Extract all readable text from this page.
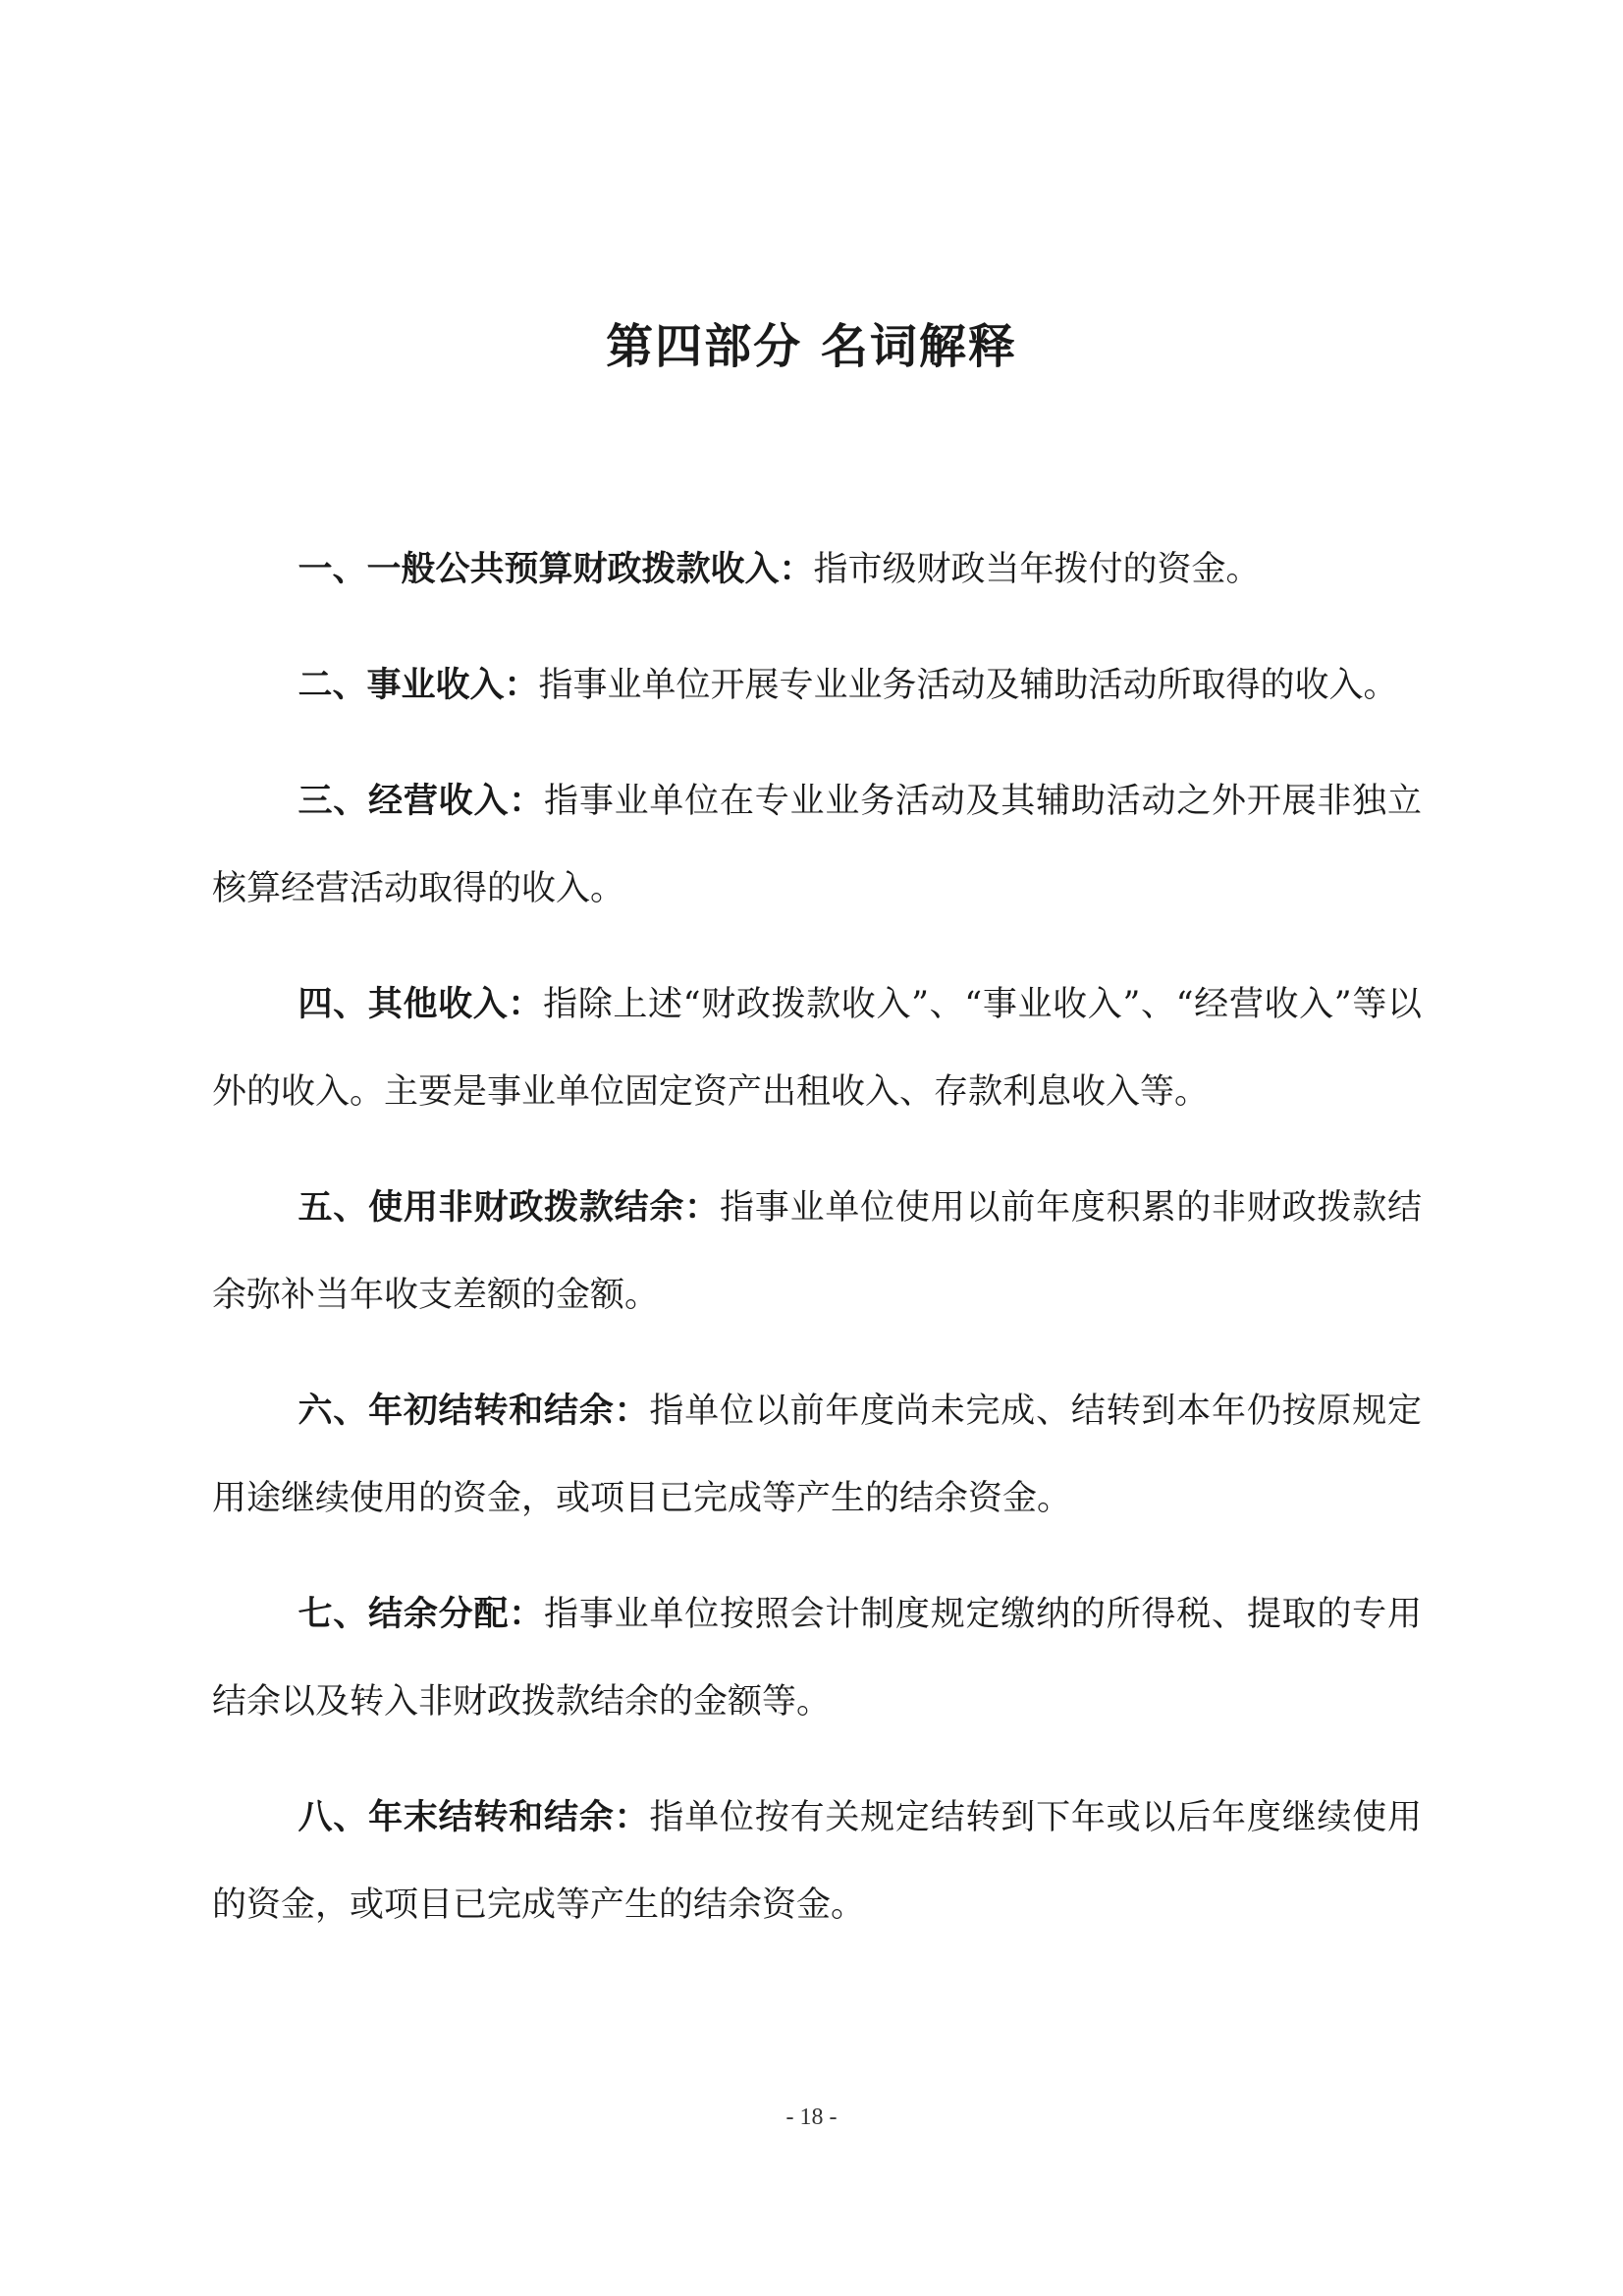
第四部分 名词解释

一、一般公共预算财政拨款收入：指市级财政当年拨付的资金。

二、事业收入：指事业单位开展专业业务活动及辅助活动所取得的收入。

三、经营收入：指事业单位在专业业务活动及其辅助活动之外开展非独立核算经营活动取得的收入。

四、其他收入：指除上述“财政拨款收入”、“事业收入”、“经营收入”等以外的收入。主要是事业单位固定资产出租收入、存款利息收入等。

五、使用非财政拨款结余：指事业单位使用以前年度积累的非财政拨款结余弥补当年收支差额的金额。

六、年初结转和结余：指单位以前年度尚未完成、结转到本年仍按原规定用途继续使用的资金，或项目已完成等产生的结余资金。

七、结余分配：指事业单位按照会计制度规定缴纳的所得税、提取的专用结余以及转入非财政拨款结余的金额等。

八、年末结转和结余：指单位按有关规定结转到下年或以后年度继续使用的资金，或项目已完成等产生的结余资金。

- 18 -
